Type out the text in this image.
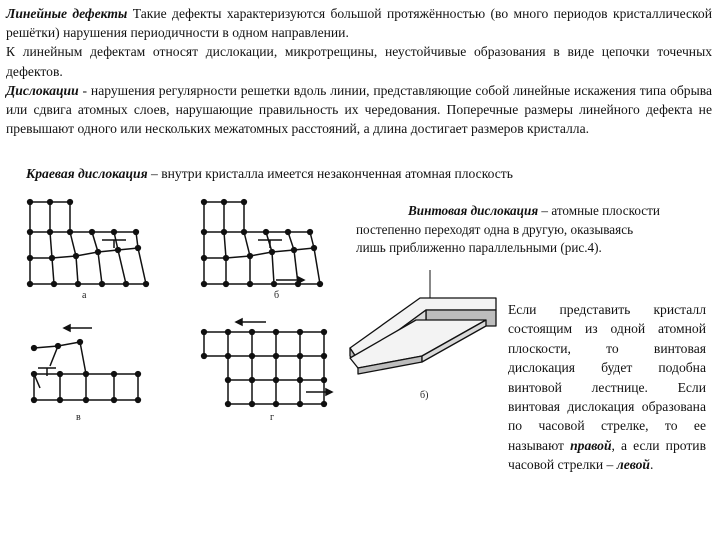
Линейные дефекты Такие дефекты характеризуются большой протяжённостью (во много периодов кристаллической решётки) нарушения периодичности в одном направлении.

К линейным дефектам относят дислокации, микротрещины, неустойчивые образования в виде цепочки точечных дефектов.

Дислокации - нарушения регулярности решетки вдоль линии, представляющие собой линейные искажения типа обрыва или сдвига атомных слоев, нарушающие правильность их чередования. Поперечные размеры линейного дефекта не превышают одного или нескольких межатомных расстояний, а длина достигает размеров кристалла.

Краевая дислокация – внутри кристалла имеется незаконченная атомная плоскость
а	б
в	г
Винтовая дислокация – атомные плоскости
постепенно переходят одна в другую, оказываясь
лишь приближенно параллельными (рис.4).
б)
Если представить кристалл состоящим из одной атомной плоскости, то винтовая дислокация будет подобна винтовой лестнице. Если винтовая дислокация образована по часовой стрелке, то ее называют правой, а если против часовой стрелки – левой.
